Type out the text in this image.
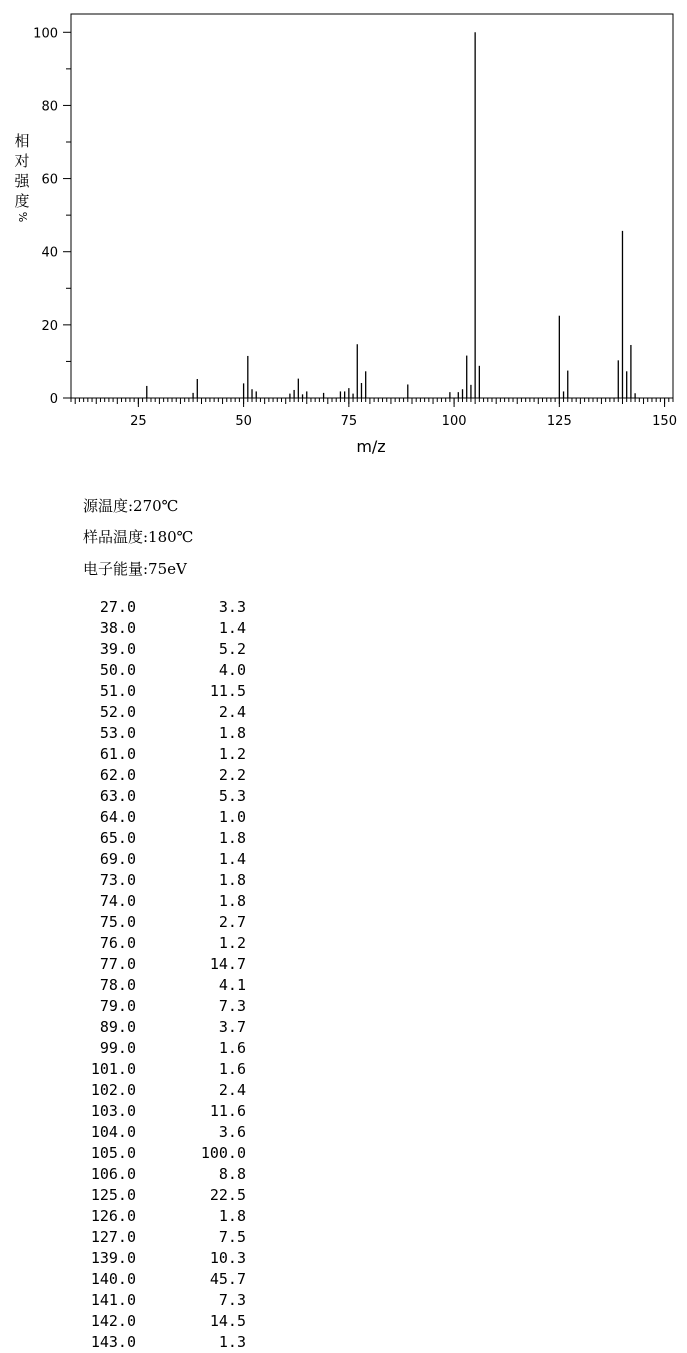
25	50	75	100	125	150
0
20
40
60
80
100
m/z
相
对
强
度

%
源温度:270℃
样品温度:180℃
电子能量:75eV
27.0	3.3
38.0	1.4
39.0	5.2
50.0	4.0
51.0	11.5
52.0	2.4
53.0	1.8
61.0	1.2
62.0	2.2
63.0	5.3
64.0	1.0
65.0	1.8
69.0	1.4
73.0	1.8
74.0	1.8
75.0	2.7
76.0	1.2
77.0	14.7
78.0	4.1
79.0	7.3
89.0	3.7
99.0	1.6
101.0	1.6
102.0	2.4
103.0	11.6
104.0	3.6
105.0	100.0
106.0	8.8
125.0	22.5
126.0	1.8
127.0	7.5
139.0	10.3
140.0	45.7
141.0	7.3
142.0	14.5
143.0	1.3
